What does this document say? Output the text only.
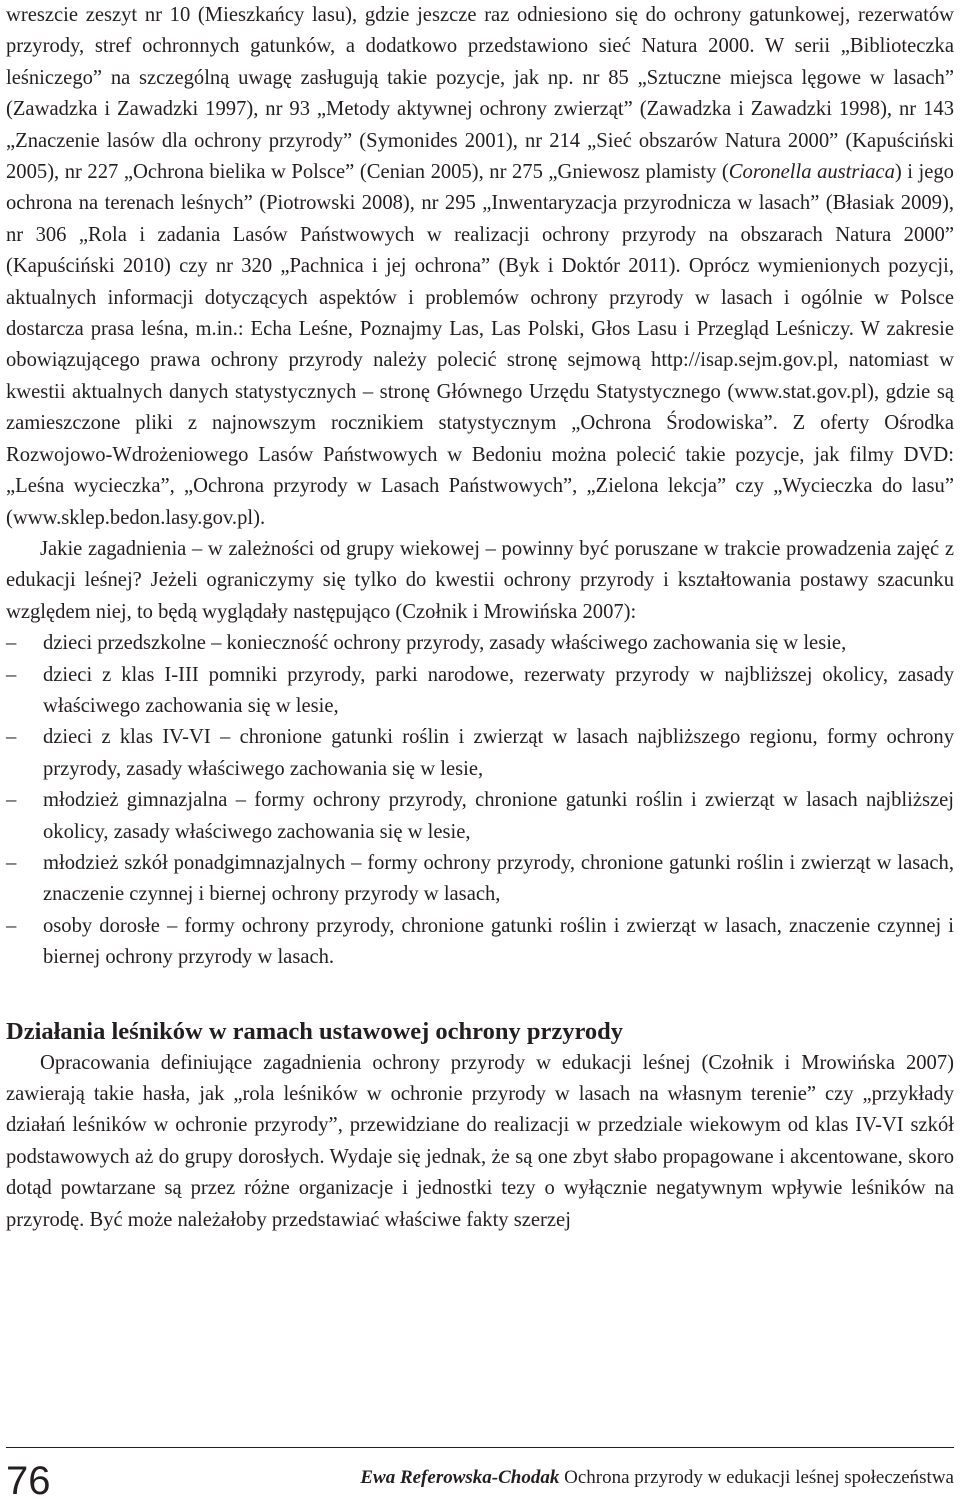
wreszcie zeszyt nr 10 (Mieszkańcy lasu), gdzie jeszcze raz odniesiono się do ochrony gatunkowej, rezerwatów przyrody, stref ochronnych gatunków, a dodatkowo przedstawiono sieć Natura 2000. W serii „Biblioteczka leśniczego” na szczególną uwagę zasługują takie pozycje, jak np. nr 85 „Sztuczne miejsca lęgowe w lasach” (Zawadzka i Zawadzki 1997), nr 93 „Metody aktywnej ochrony zwierząt” (Zawadzka i Zawadzki 1998), nr 143 „Znaczenie lasów dla ochrony przyrody” (Symonides 2001), nr 214 „Sieć obszarów Natura 2000” (Kapuściński 2005), nr 227 „Ochrona bielika w Polsce” (Cenian 2005), nr 275 „Gniewosz plamisty (Coronella austriaca) i jego ochrona na terenach leśnych” (Piotrowski 2008), nr 295 „Inwentaryzacja przyrodnicza w lasach” (Błasiak 2009), nr 306 „Rola i zadania Lasów Państwowych w realizacji ochrony przyrody na obszarach Natura 2000” (Kapuściński 2010) czy nr 320 „Pachnica i jej ochrona” (Byk i Doktór 2011). Oprócz wymienionych pozycji, aktualnych informacji dotyczących aspektów i problemów ochrony przyrody w lasach i ogólnie w Polsce dostarcza prasa leśna, m.in.: Echa Leśne, Poznajmy Las, Las Polski, Głos Lasu i Przegląd Leśniczy. W zakresie obowiązującego prawa ochrony przyrody należy polecić stronę sejmową http://isap.sejm.gov.pl, natomiast w kwestii aktualnych danych statystycznych – stronę Głównego Urzędu Statystycznego (www.stat.gov.pl), gdzie są zamieszczone pliki z najnowszym rocznikiem statystycznym „Ochrona Środowiska”. Z oferty Ośrodka Rozwojowo-Wdrożeniowego Lasów Państwowych w Bedoniu można polecić takie pozycje, jak filmy DVD: „Leśna wycieczka”, „Ochrona przyrody w Lasach Państwowych”, „Zielona lekcja” czy „Wycieczka do lasu” (www.sklep.bedon.lasy.gov.pl).

Jakie zagadnienia – w zależności od grupy wiekowej – powinny być poruszane w trakcie prowadzenia zajęć z edukacji leśnej? Jeżeli ograniczymy się tylko do kwestii ochrony przyrody i kształtowania postawy szacunku względem niej, to będą wyglądały następująco (Czołnik i Mrowińska 2007):

– dzieci przedszkolne – konieczność ochrony przyrody, zasady właściwego zachowania się w lesie,
– dzieci z klas I-III pomniki przyrody, parki narodowe, rezerwaty przyrody w najbliższej okolicy, zasady właściwego zachowania się w lesie,
– dzieci z klas IV-VI – chronione gatunki roślin i zwierząt w lasach najbliższego regionu, formy ochrony przyrody, zasady właściwego zachowania się w lesie,
– młodzież gimnazjalna – formy ochrony przyrody, chronione gatunki roślin i zwierząt w lasach najbliższej okolicy, zasady właściwego zachowania się w lesie,
– młodzież szkół ponadgimnazjalnych – formy ochrony przyrody, chronione gatunki roślin i zwierząt w lasach, znaczenie czynnej i biernej ochrony przyrody w lasach,
– osoby dorosłe – formy ochrony przyrody, chronione gatunki roślin i zwierząt w lasach, znaczenie czynnej i biernej ochrony przyrody w lasach.
Działania leśników w ramach ustawowej ochrony przyrody

Opracowania definiujące zagadnienia ochrony przyrody w edukacji leśnej (Czołnik i Mrowińska 2007) zawierają takie hasła, jak „rola leśników w ochronie przyrody w lasach na własnym terenie” czy „przykłady działań leśników w ochronie przyrody”, przewidziane do realizacji w przedziale wiekowym od klas IV-VI szkół podstawowych aż do grupy dorosłych. Wydaje się jednak, że są one zbyt słabo propagowane i akcentowane, skoro dotąd powtarzane są przez różne organizacje i jednostki tezy o wyłącznie negatywnym wpływie leśników na przyrodę. Być może należałoby przedstawiać właściwe fakty szerzej

76	Ewa Referowska-Chodak Ochrona przyrody w edukacji leśnej społeczeństwa
